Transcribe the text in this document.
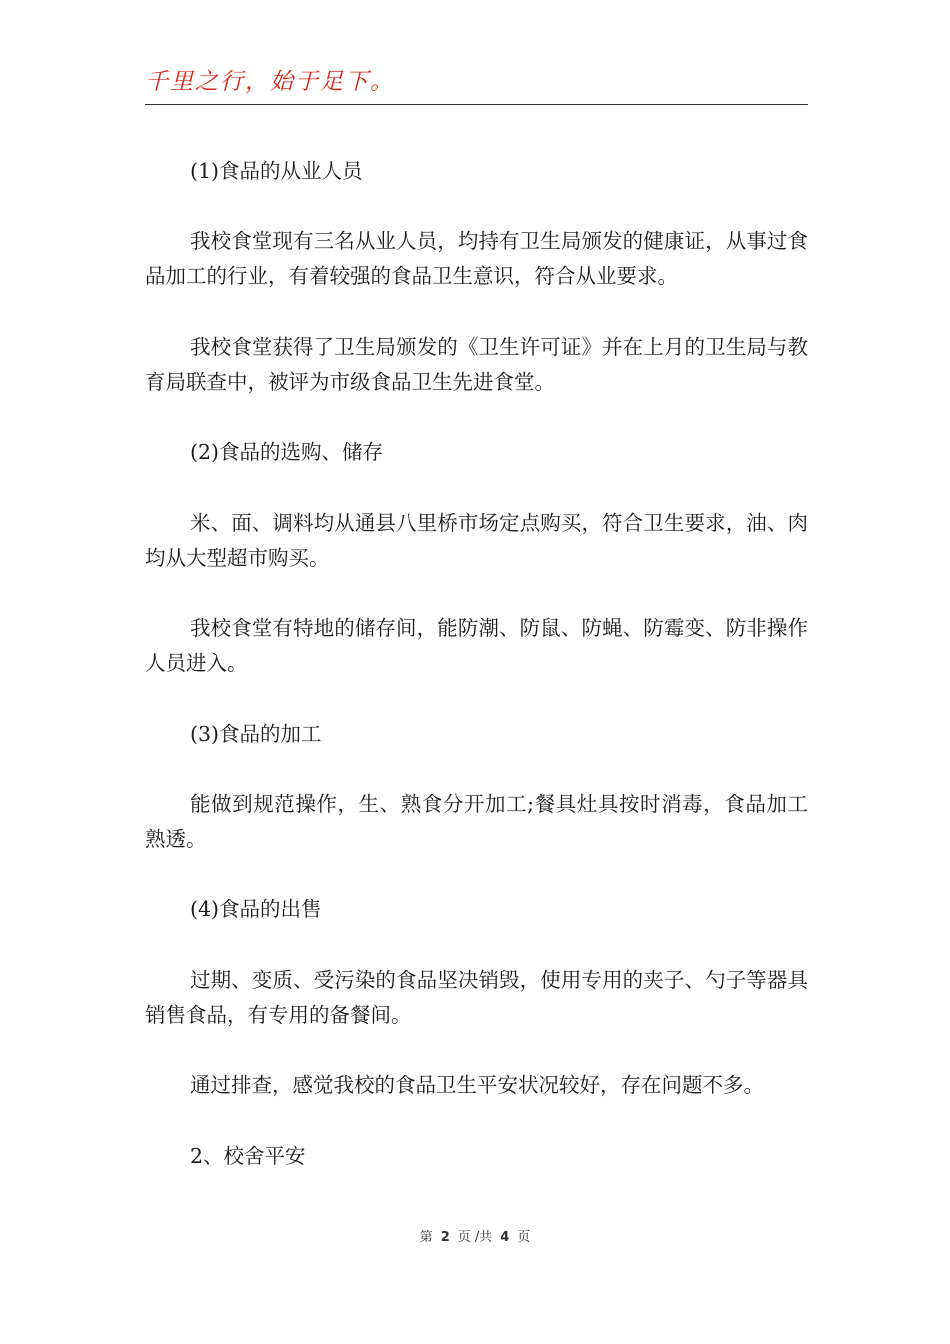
千里之行，始于足下。

(1)食品的从业人员

我校食堂现有三名从业人员，均持有卫生局颁发的健康证，从事过食品加工的行业，有着较强的食品卫生意识，符合从业要求。

我校食堂获得了卫生局颁发的《卫生许可证》并在上月的卫生局与教育局联查中，被评为市级食品卫生先进食堂。

(2)食品的选购、储存

米、面、调料均从通县八里桥市场定点购买，符合卫生要求，油、肉均从大型超市购买。

我校食堂有特地的储存间，能防潮、防鼠、防蝇、防霉变、防非操作人员进入。

(3)食品的加工

能做到规范操作，生、熟食分开加工;餐具灶具按时消毒，食品加工熟透。

(4)食品的出售

过期、变质、受污染的食品坚决销毁，使用专用的夹子、勺子等器具销售食品，有专用的备餐间。

通过排查，感觉我校的食品卫生平安状况较好，存在问题不多。

2、校舍平安

第 2 页 /共 4 页
